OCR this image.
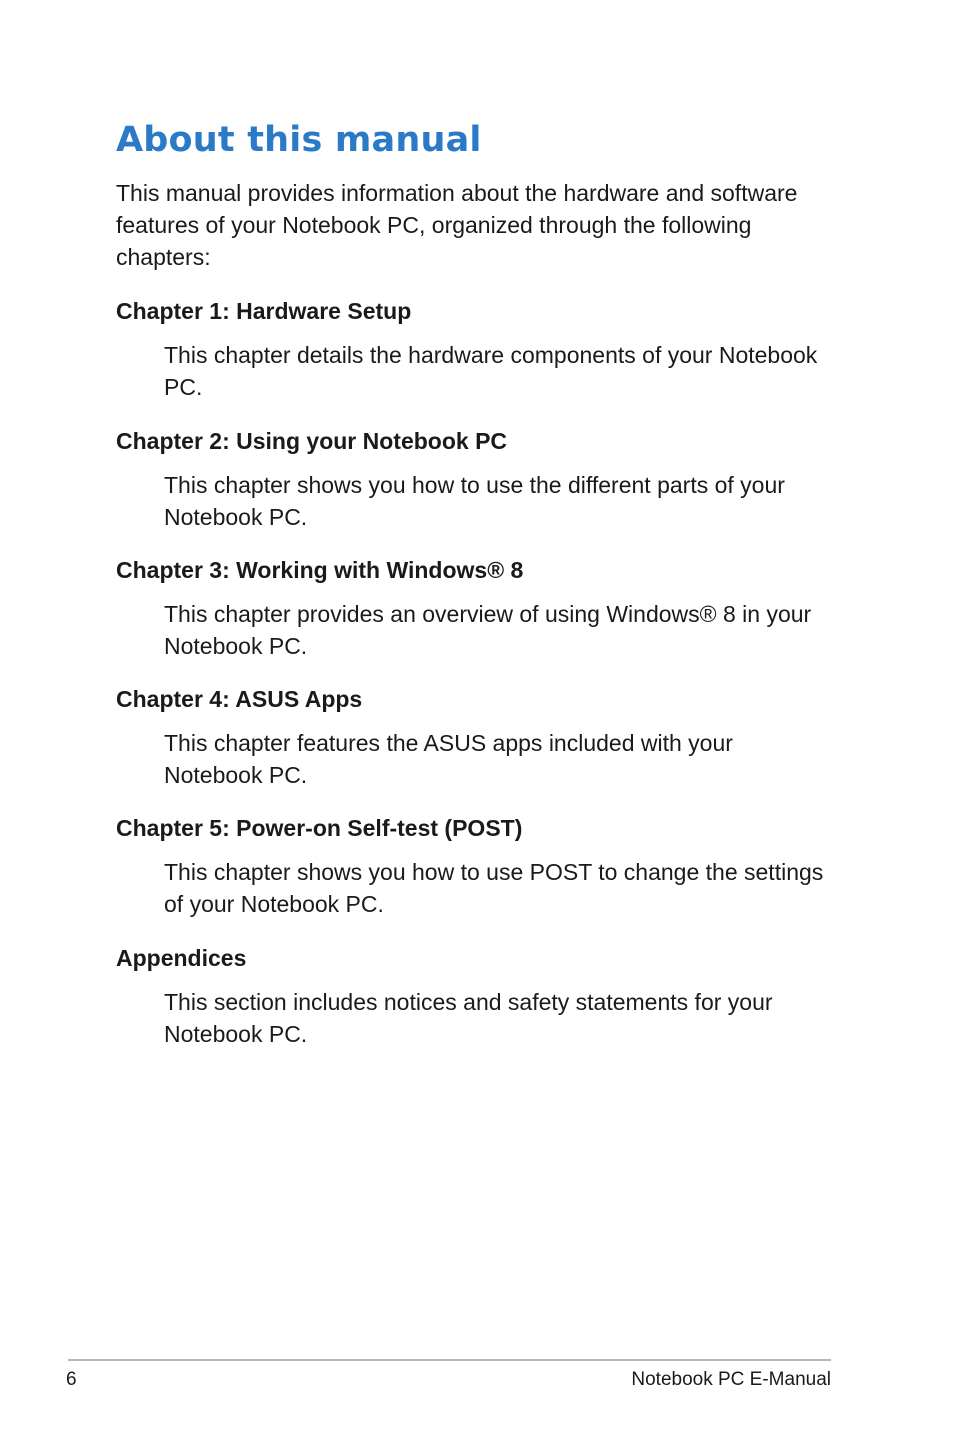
About this manual

This manual provides information about the hardware and software features of your Notebook PC, organized through the following chapters:

Chapter 1: Hardware Setup

This chapter details the hardware components of your Notebook PC.

Chapter 2: Using your Notebook PC

This chapter shows you how to use the different parts of your Notebook PC.

Chapter 3: Working with Windows® 8

This chapter provides an overview of using Windows® 8 in your Notebook PC.

Chapter 4: ASUS Apps

This chapter features the ASUS apps included with your Notebook PC.

Chapter 5: Power-on Self-test (POST)

This chapter shows you how to use POST to change the settings of your Notebook PC.

Appendices

This section includes notices and safety statements for your Notebook PC.

6	Notebook PC E-Manual
